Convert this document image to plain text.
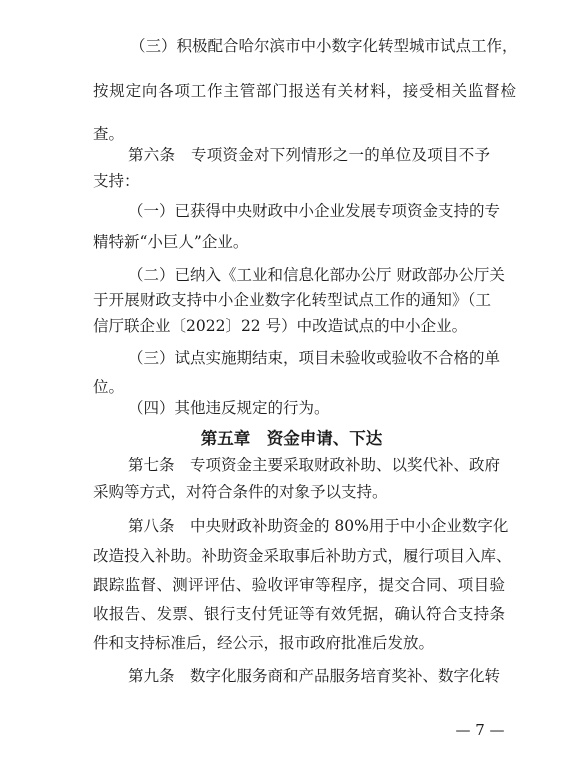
（三）积极配合哈尔滨市中小数字化转型城市试点工作，
按规定向各项工作主管部门报送有关材料，接受相关监督检
查。
第六条　专项资金对下列情形之一的单位及项目不予
支持：
（一）已获得中央财政中小企业发展专项资金支持的专
精特新“小巨人”企业。
（二）已纳入《工业和信息化部办公厅 财政部办公厅关
于开展财政支持中小企业数字化转型试点工作的通知》（工
信厅联企业〔2022〕22 号）中改造试点的中小企业。
（三）试点实施期结束，项目未验收或验收不合格的单
位。
（四）其他违反规定的行为。
第五章　资金申请、下达
第七条　专项资金主要采取财政补助、以奖代补、政府
采购等方式，对符合条件的对象予以支持。
第八条　中央财政补助资金的 80%用于中小企业数字化
改造投入补助。补助资金采取事后补助方式，履行项目入库、
跟踪监督、测评评估、验收评审等程序，提交合同、项目验
收报告、发票、银行支付凭证等有效凭据，确认符合支持条
件和支持标准后，经公示，报市政府批准后发放。
第九条　数字化服务商和产品服务培育奖补、数字化转
— 7 —
